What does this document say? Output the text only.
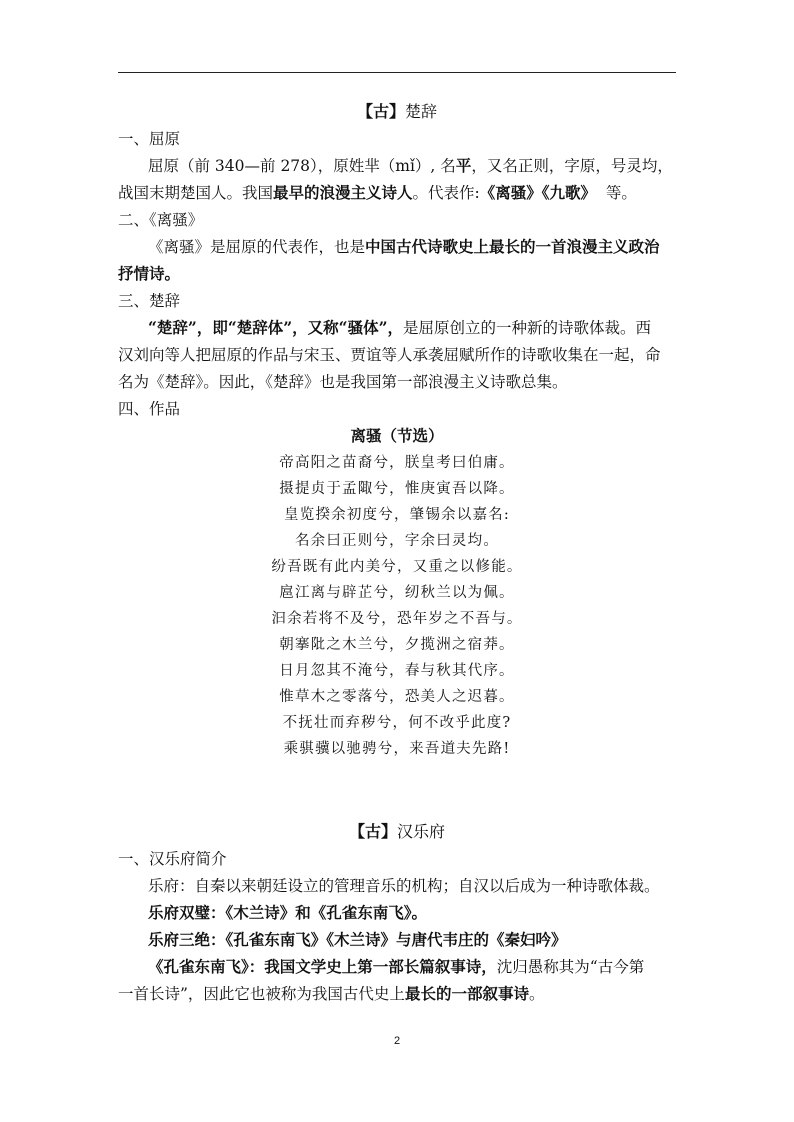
【古】楚辞
一、屈原
屈原（前 340—前 278），原姓芈（mǐ）, 名平，又名正则，字原，号灵均，
战国末期楚国人。我国最早的浪漫主义诗人。代表作:《离骚》《九歌》 等。
二、《离骚》
《离骚》是屈原的代表作，也是中国古代诗歌史上最长的一首浪漫主义政治
抒情诗。
三、楚辞
“楚辞”，即“楚辞体”，又称“骚体”，是屈原创立的一种新的诗歌体裁。西
汉刘向等人把屈原的作品与宋玉、贾谊等人承袭屈赋所作的诗歌收集在一起，命
名为《楚辞》。因此，《楚辞》也是我国第一部浪漫主义诗歌总集。
四、作品
离骚（节选）
帝高阳之苗裔兮，朕皇考曰伯庸。
摄提贞于孟陬兮，惟庚寅吾以降。
皇览揆余初度兮，肇锡余以嘉名:
名余曰正则兮，字余曰灵均。
纷吾既有此内美兮，又重之以修能。
扈江离与辟芷兮，纫秋兰以为佩。
汩余若将不及兮，恐年岁之不吾与。
朝搴阰之木兰兮，夕揽洲之宿莽。
日月忽其不淹兮，春与秋其代序。
惟草木之零落兮，恐美人之迟暮。
不抚壮而弃秽兮，何不改乎此度?
乘骐骥以驰骋兮，来吾道夫先路!
【古】汉乐府
一、汉乐府简介
乐府：自秦以来朝廷设立的管理音乐的机构；自汉以后成为一种诗歌体裁。
乐府双璧：《木兰诗》和《孔雀东南飞》。
乐府三绝：《孔雀东南飞》《木兰诗》与唐代韦庄的《秦妇吟》
《孔雀东南飞》：我国文学史上第一部长篇叙事诗，沈归愚称其为“古今第
一首长诗”，因此它也被称为我国古代史上最长的一部叙事诗。
2
